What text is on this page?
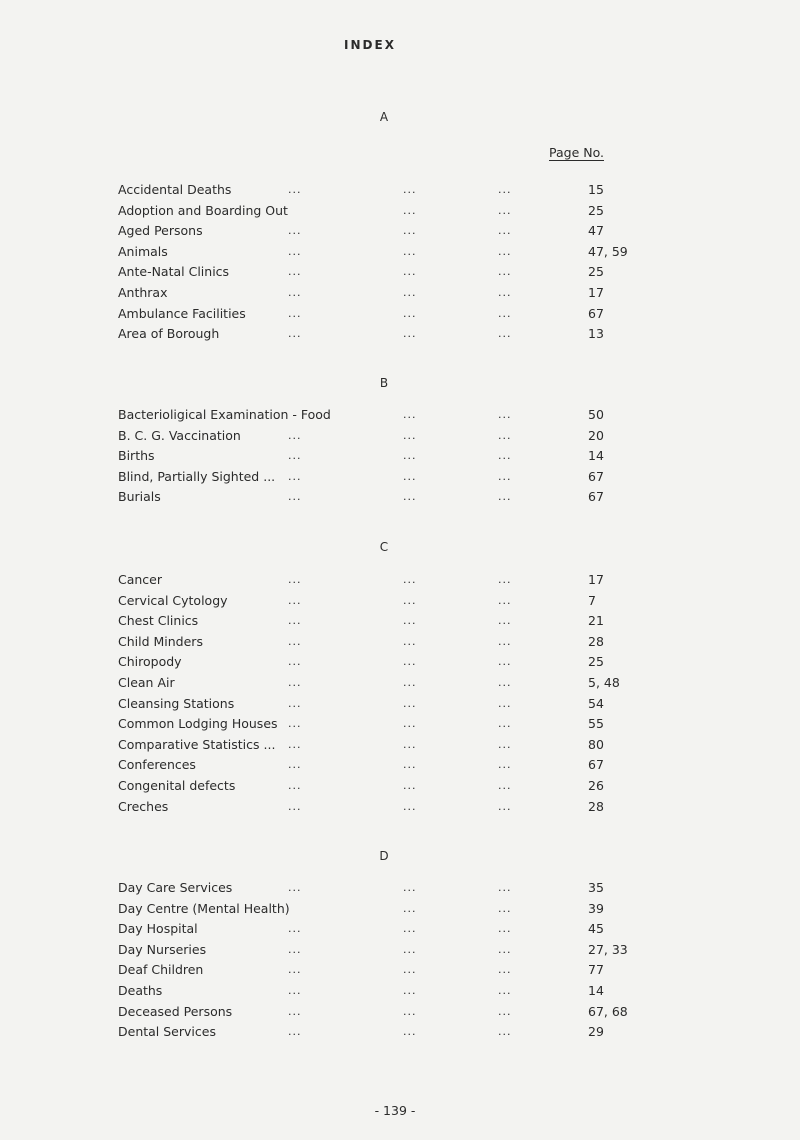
INDEX
Page No.
A
Accidental Deaths	...	...	...	15
Adoption and Boarding Out	...	...	25
Aged Persons	...	...	...	47
Animals	...	...	...	47, 59
Ante-Natal Clinics	...	...	...	25
Anthrax	...	...	...	17
Ambulance Facilities	...	...	...	67
Area of Borough	...	...	...	13
B
Bacterioligical Examination - Food	...	...	50
B. C. G. Vaccination	...	...	...	20
Births	...	...	...	14
Blind, Partially Sighted ... ...	...	...	67
Burials	...	...	...	67
C
Cancer	...	...	...	17
Cervical Cytology	...	...	...	7
Chest Clinics	...	...	...	21
Child Minders	...	...	...	28
Chiropody	...	...	...	25
Clean Air	...	...	...	5, 48
Cleansing Stations	...	...	...	54
Common Lodging Houses ...	...	...	55
Comparative Statistics ... ...	...	...	80
Conferences	...	...	...	67
Congenital defects	...	...	...	26
Creches	...	...	...	28
D
Day Care Services	...	...	...	35
Day Centre (Mental Health)	...	...	39
Day Hospital	...	...	...	45
Day Nurseries	...	...	...	27, 33
Deaf Children	...	...	...	77
Deaths	...	...	...	14
Deceased Persons	...	...	...	67, 68
Dental Services	...	...	...	29
- 139 -
